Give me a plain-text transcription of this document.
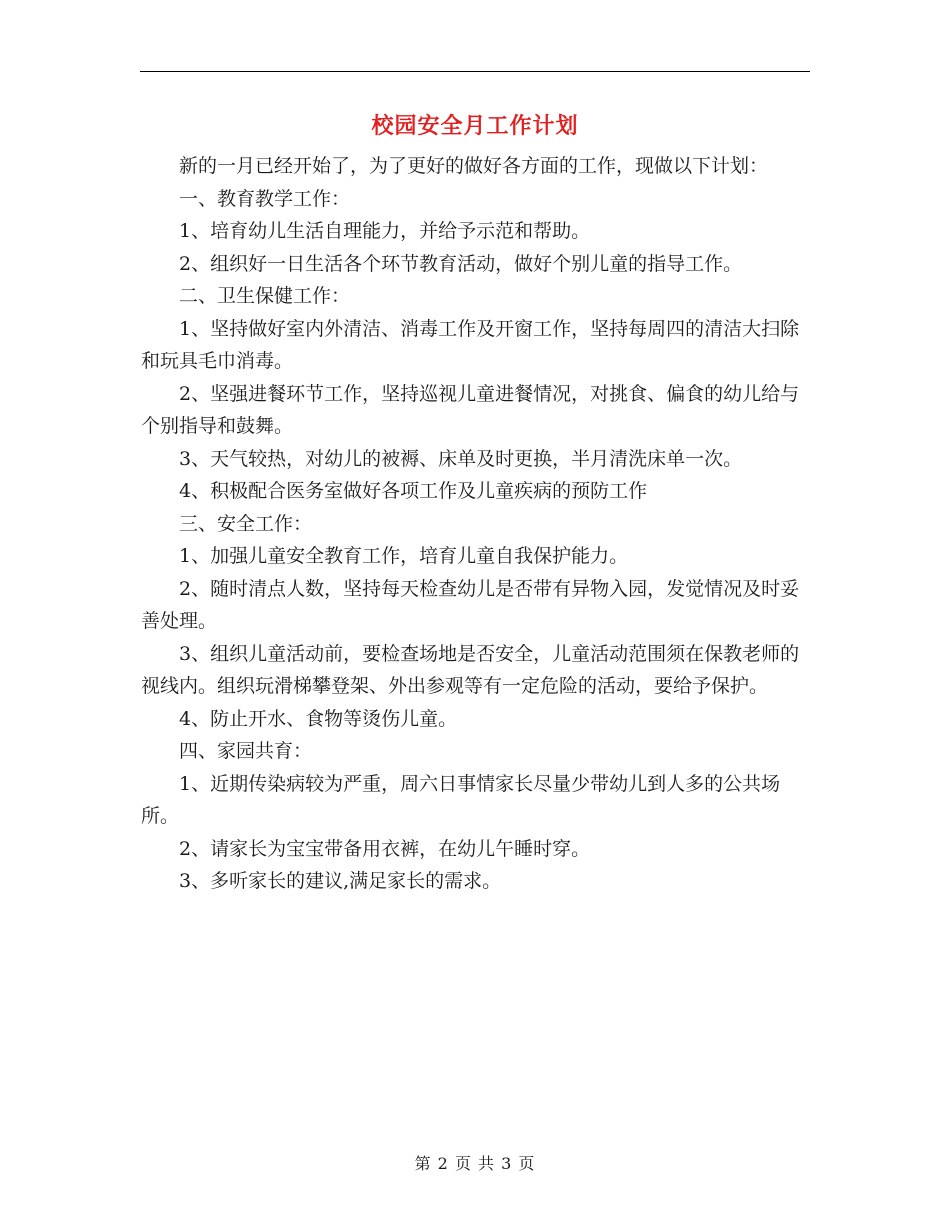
校园安全月工作计划

新的一月已经开始了，为了更好的做好各方面的工作，现做以下计划：

一、教育教学工作：

1、培育幼儿生活自理能力，并给予示范和帮助。

2、组织好一日生活各个环节教育活动，做好个别儿童的指导工作。

二、卫生保健工作：

1、坚持做好室内外清洁、消毒工作及开窗工作，坚持每周四的清洁大扫除和玩具毛巾消毒。

2、坚强进餐环节工作，坚持巡视儿童进餐情况，对挑食、偏食的幼儿给与个别指导和鼓舞。

3、天气较热，对幼儿的被褥、床单及时更换，半月清洗床单一次。

4、积极配合医务室做好各项工作及儿童疾病的预防工作

三、安全工作：

1、加强儿童安全教育工作，培育儿童自我保护能力。

2、随时清点人数，坚持每天检查幼儿是否带有异物入园，发觉情况及时妥善处理。

3、组织儿童活动前，要检查场地是否安全，儿童活动范围须在保教老师的视线内。组织玩滑梯攀登架、外出参观等有一定危险的活动，要给予保护。

4、防止开水、食物等烫伤儿童。

四、家园共育：

1、近期传染病较为严重，周六日事情家长尽量少带幼儿到人多的公共场所。

2、请家长为宝宝带备用衣裤，在幼儿午睡时穿。

3、多听家长的建议,满足家长的需求。

第 2 页 共 3 页
